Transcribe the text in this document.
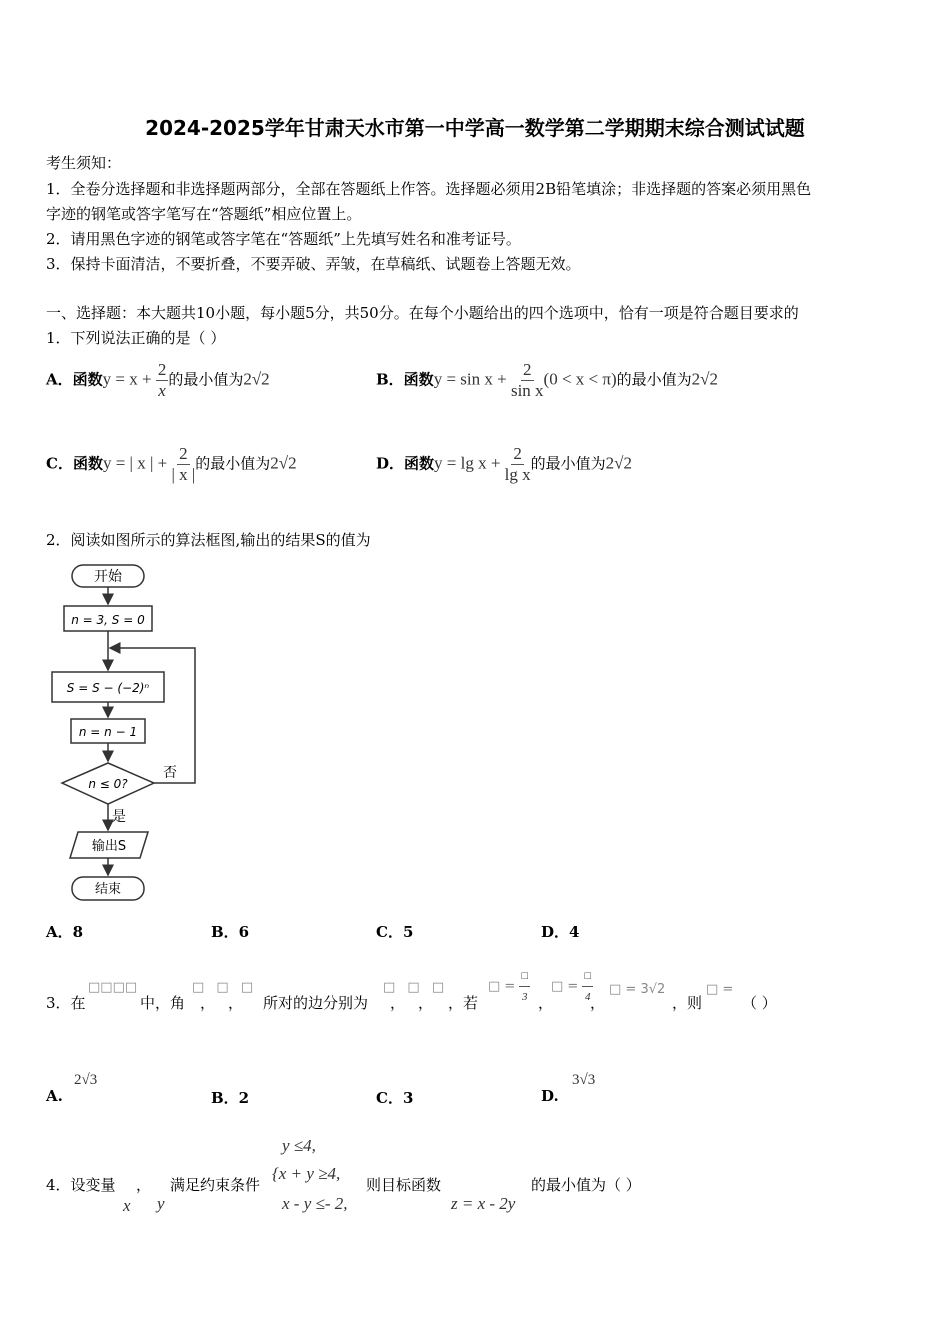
2024-2025学年甘肃天水市第一中学高一数学第二学期期末综合测试试题
考生须知：
1．全卷分选择题和非选择题两部分，全部在答题纸上作答。选择题必须用2B铅笔填涂；非选择题的答案必须用黑色
字迹的钢笔或答字笔写在“答题纸”相应位置上。
2．请用黑色字迹的钢笔或答字笔在“答题纸”上先填写姓名和准考证号。
3．保持卡面清洁，不要折叠，不要弄破、弄皱，在草稿纸、试题卷上答题无效。
一、选择题：本大题共10小题，每小题5分，共50分。在每个小题给出的四个选项中，恰有一项是符合题目要求的
1．下列说法正确的是（ ）
A．函数$y = x + \frac{2}{x}$ 的最小值为2√2	B．函数$y = \sin x + \frac{2}{\text{sin x}} (0 < x < \pi)$的最小值为2√2
C．函数y = | x | + $\frac{2}{| x |}$ 的最小值为2√2	D．函数$y = \lg x + \frac{2}{\text{lg x}}$ 的最小值为2√2
2．阅读如图所示的算法框图,输出的结果S的值为
开始
n = 3, S = 0
S = S − (−2)ⁿ
n = n − 1
n ≤ 0?
否
是
输出S
结束
A．8	B．6	C．5	D．4
3．在
□□□□
中，角
□ □ □
， ， 所对的边分别为
□ □ □
， ， ，若
□ = $\frac{□}{3}$ ，
□ = $\frac{□}{4}$
，
□ = 3√2
，则
□ =
（ ）
A.
2√3
B．2	C．3	D.
3√3
4．设变量
x
，
y
满足约束条件
y ≤4,
{x + y ≥4,
x - y ≤- 2,
则目标函数
z = x - 2y
的最小值为（ ）
